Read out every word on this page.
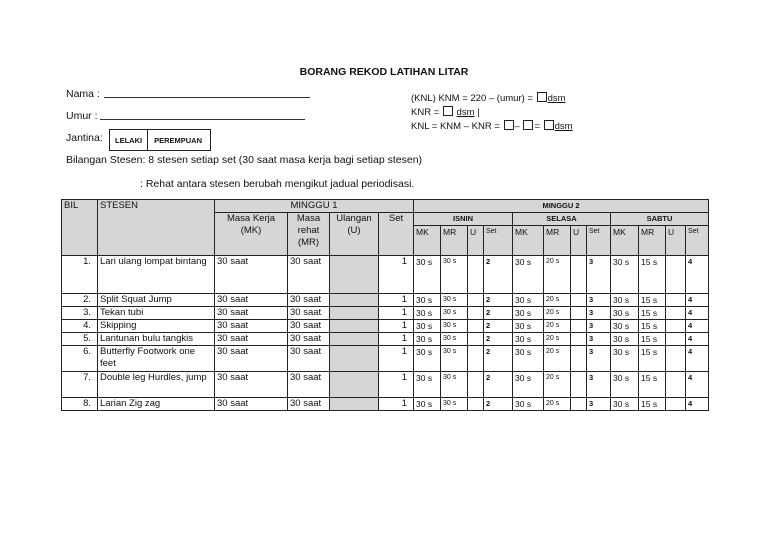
BORANG REKOD LATIHAN LITAR
Nama :
Umur :
Jantina:	LELAKI	PEREMPUAN
(KNL) KNM = 220 – (umur) = dsm
KNR = dsm |
KNL = KNM – KNR = – = dsm
Bilangan Stesen: 8 stesen setiap set (30 saat masa kerja bagi setiap stesen)
: Rehat antara stesen berubah mengikut jadual periodisasi.
BIL	STESEN	MINGGU 1				MINGGU 2											
		Masa Kerja (MK)	Masa rehat (MR)	Ulangan (U)	Set	ISNIN				SELASA				SABTU			
						MK	MR	U	Set	MK	MR	U	Set	MK	MR	U	Set
1.	Lari ulang lompat bintang	30 saat	30 saat		1	30 s	30 s		2	30 s	20 s		3	30 s	15 s		4
2.	Split Squat Jump	30 saat	30 saat		1	30 s	30 s		2	30 s	20 s		3	30 s	15 s		4
3.	Tekan tubi	30 saat	30 saat		1	30 s	30 s		2	30 s	20 s		3	30 s	15 s		4
4.	Skipping	30 saat	30 saat		1	30 s	30 s		2	30 s	20 s		3	30 s	15 s		4
5.	Lantunan bulu tangkis	30 saat	30 saat		1	30 s	30 s		2	30 s	20 s		3	30 s	15 s		4
6.	Butterfly Footwork one feet	30 saat	30 saat		1	30 s	30 s		2	30 s	20 s		3	30 s	15 s		4
7.	Double leg Hurdles, jump	30 saat	30 saat		1	30 s	30 s		2	30 s	20 s		3	30 s	15 s		4
8.	Larian Zig zag	30 saat	30 saat		1	30 s	30 s		2	30 s	20 s		3	30 s	15 s		4
